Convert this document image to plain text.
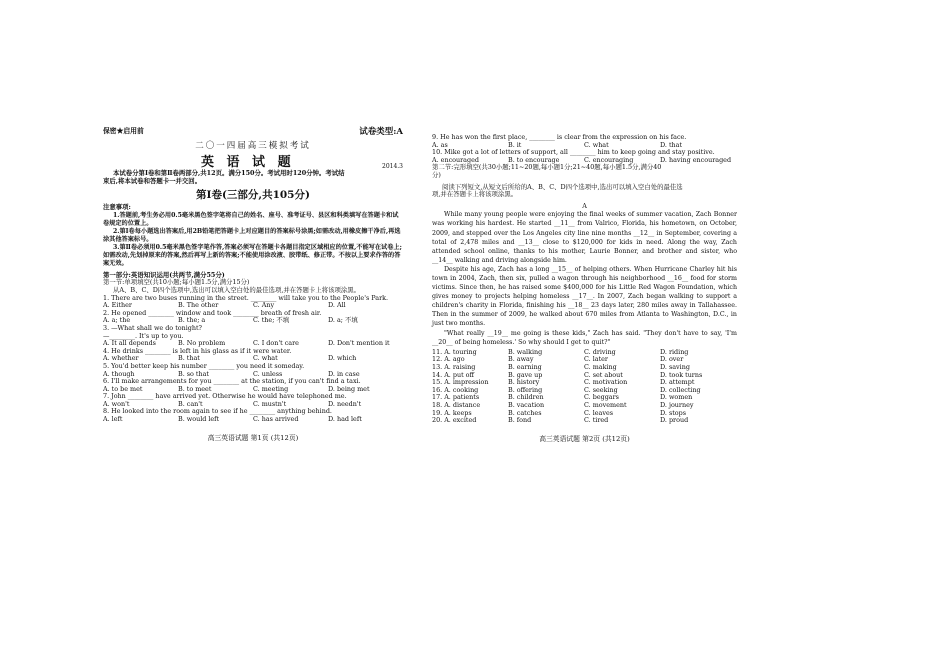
保密★启用前	试卷类型:A
二〇一四届高三模拟考试
英 语 试 题	2014.3
本试卷分第Ⅰ卷和第Ⅱ卷两部分,共12页。满分150分。考试用时120分钟。考试结
束后,将本试卷和答题卡一并交回。
第Ⅰ卷(三部分,共105分)
注意事项:
1.答题前,考生务必用0.5毫米黑色签字笔将自己的姓名、座号、准考证号、县区和科类填写在答题卡和试卷规定的位置上。
2.第Ⅰ卷每小题选出答案后,用2B铅笔把答题卡上对应题目的答案标号涂黑;如需改动,用橡皮擦干净后,再选涂其他答案标号。
3.第Ⅱ卷必须用0.5毫米黑色签字笔作答,答案必须写在答题卡各题目指定区域相应的位置,不能写在试卷上;如需改动,先划掉原来的答案,然后再写上新的答案;不能使用涂改液、胶带纸、修正带。不按以上要求作答的答案无效。
第一部分:英语知识运用(共两节,满分55分)
第一节:单项填空(共10小题;每小题1.5分,满分15分)
从A、B、C、D四个选项中,选出可以填入空白处的最佳选项,并在答题卡上将该项涂黑。
1. There are two buses running in the street. ________ will take you to the People's Park.
A. Either	B. The other	C. Any	D. All
2. He opened ________ window and took ________ breath of fresh air.
A. a; the	B. the; a	C. the; 不填	D. a; 不填
3. —What shall we do tonight?
—________. It's up to you.
A. It all depends	B. No problem	C. I don't care	D. Don't mention it
4. He drinks ________ is left in his glass as if it were water.
A. whether	B. that	C. what	D. which
5. You'd better keep his number ________ you need it someday.
A. though	B. so that	C. unless	D. in case
6. I'll make arrangements for you ________ at the station, if you can't find a taxi.
A. to be met	B. to meet	C. meeting	D. being met
7. John ________ have arrived yet. Otherwise he would have telephoned me.
A. won't	B. can't	C. mustn't	D. needn't
8. He looked into the room again to see if he ________ anything behind.
A. left	B. would left	C. has arrived	D. had left
高三英语试题 第1页 (共12页)
9. He has won the first place, ________ is clear from the expression on his face.
A. as	B. it	C. what	D. that
10. Mike got a lot of letters of support, all ________ him to keep going and stay positive.
A. encouraged	B. to encourage	C. encouraging	D. having encouraged
第二节:完形填空(共30小题;11~20题,每小题1分;21~40题,每小题1.5分,满分40
分)
阅读下列短文,从短文后所给的A、B、C、D四个选项中,选出可以填入空白处的最佳选
项,并在答题卡上将该项涂黑。
A
While many young people were enjoying the final weeks of summer vacation, Zach Bonner was working his hardest. He started __11__ from Valrico, Florida, his hometown, on October, 2009, and stepped over the Los Angeles city line nine months __12__ in September, covering a total of 2,478 miles and __13__ close to $120,000 for kids in need. Along the way, Zach attended school online, thanks to his mother, Laurie Bonner, and brother and sister, who __14__ walking and driving alongside him.
Despite his age, Zach has a long __15__ of helping others. When Hurricane Charley hit his town in 2004, Zach, then six, pulled a wagon through his neighborhood __16__ food for storm victims. Since then, he has raised some $400,000 for his Little Red Wagon Foundation, which gives money to projects helping homeless __17__. In 2007, Zach began walking to support a children's charity in Florida, finishing his __18__ 23 days later, 280 miles away in Tallahassee. Then in the summer of 2009, he walked about 670 miles from Atlanta to Washington, D.C., in just two months.
"What really __19__ me going is these kids," Zach has said. "They don't have to say, 'I'm __20__ of being homeless.' So why should I get to quit?"
11. A. touring	B. walking	C. driving	D. riding
12. A. ago	B. away	C. later	D. over
13. A. raising	B. earning	C. making	D. saving
14. A. put off	B. gave up	C. set about	D. took turns
15. A. impression	B. history	C. motivation	D. attempt
16. A. cooking	B. offering	C. seeking	D. collecting
17. A. patients	B. children	C. beggars	D. women
18. A. distance	B. vacation	C. movement	D. journey
19. A. keeps	B. catches	C. leaves	D. stops
20. A. excited	B. fond	C. tired	D. proud
高三英语试题 第2页 (共12页)
